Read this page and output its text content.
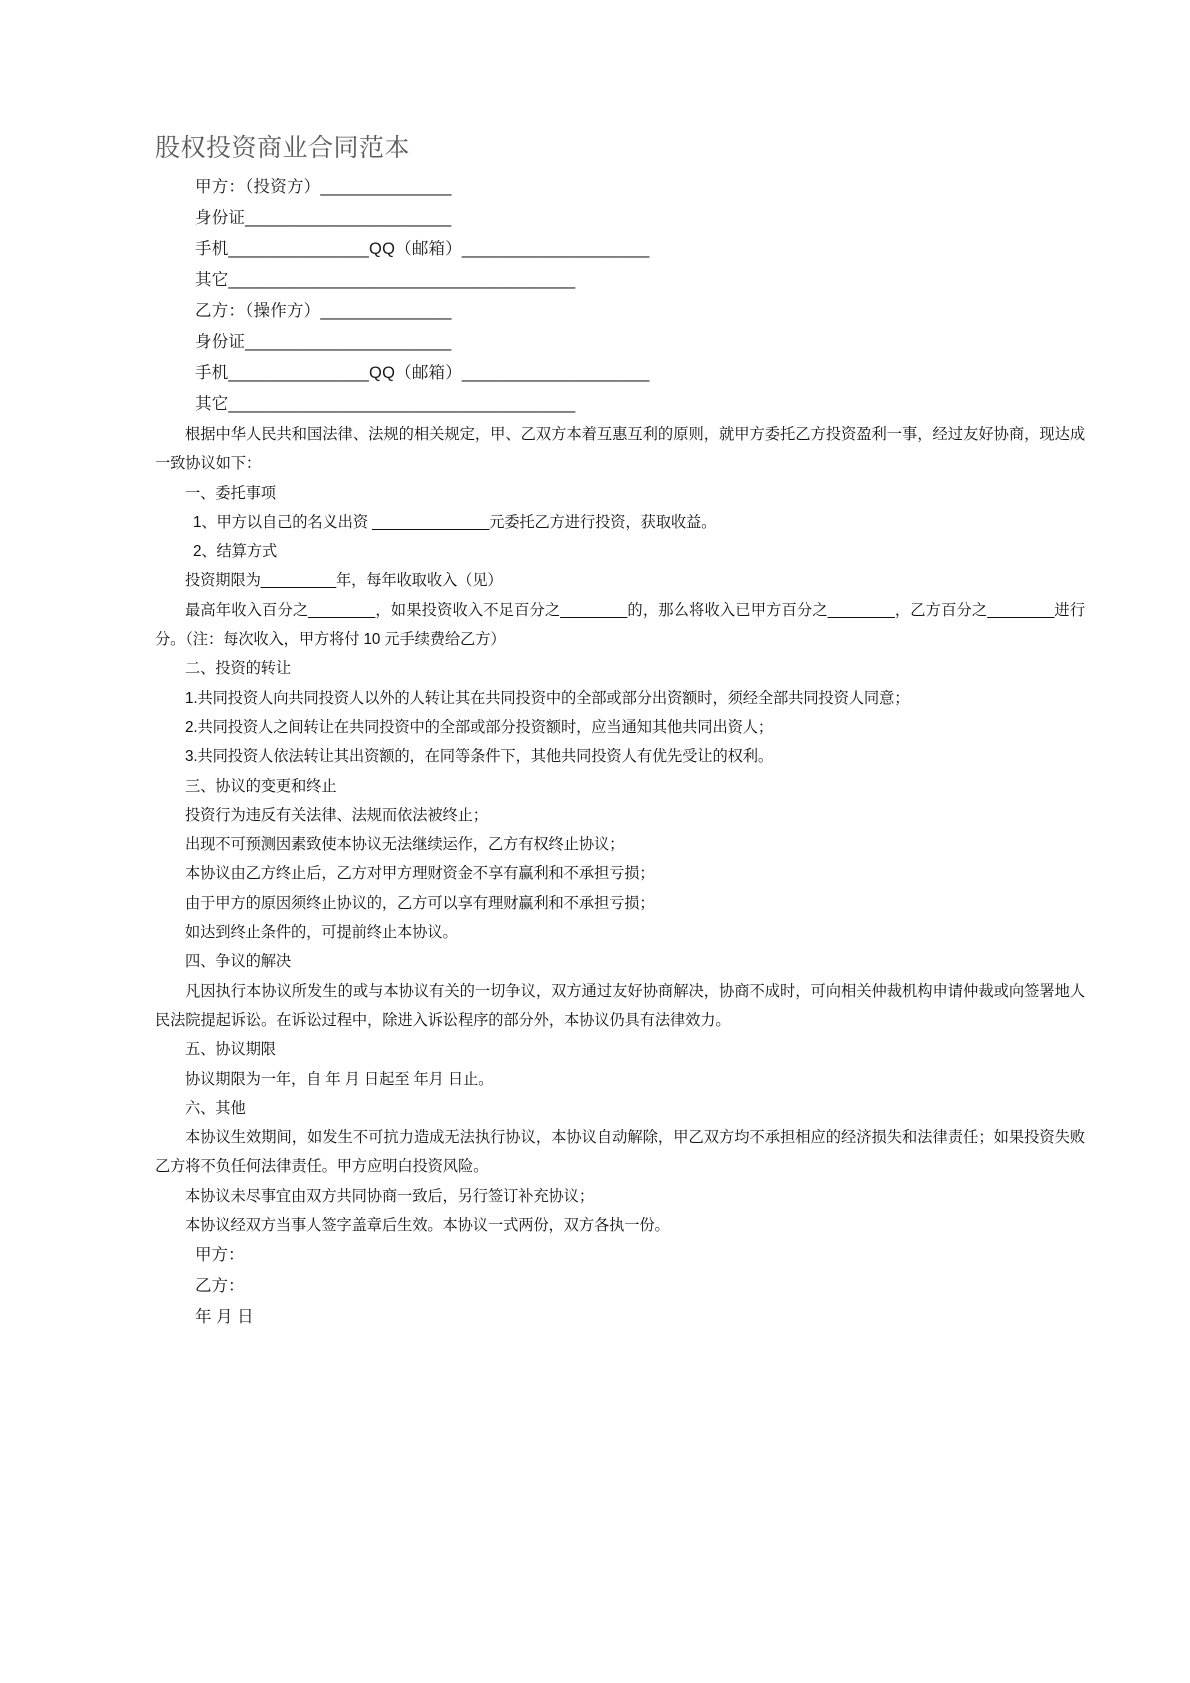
股权投资商业合同范本
甲方：（投资方）______________
身份证______________________
手机_______________QQ（邮箱）____________________
其它_____________________________________
乙方：（操作方）______________
身份证______________________
手机_______________QQ（邮箱）____________________
其它_____________________________________

根据中华人民共和国法律、法规的相关规定，甲、乙双方本着互惠互利的原则，就甲方委托乙方投资盈利一事，经过友好协商，现达成一致协议如下：

一、委托事项

1、甲方以自己的名义出资 ______________元委托乙方进行投资，获取收益。

2、结算方式

投资期限为_________年，每年收取收入（见）

最高年收入百分之________，如果投资收入不足百分之________的，那么将收入已甲方百分之________，乙方百分之________进行分。（注：每次收入，甲方将付 10 元手续费给乙方）

二、投资的转让

1.共同投资人向共同投资人以外的人转让其在共同投资中的全部或部分出资额时，须经全部共同投资人同意；

2.共同投资人之间转让在共同投资中的全部或部分投资额时，应当通知其他共同出资人；

3.共同投资人依法转让其出资额的，在同等条件下，其他共同投资人有优先受让的权利。

三、协议的变更和终止

投资行为违反有关法律、法规而依法被终止；

出现不可预测因素致使本协议无法继续运作，乙方有权终止协议；

本协议由乙方终止后，乙方对甲方理财资金不享有赢利和不承担亏损；

由于甲方的原因须终止协议的，乙方可以享有理财赢利和不承担亏损；

如达到终止条件的，可提前终止本协议。

四、争议的解决

凡因执行本协议所发生的或与本协议有关的一切争议，双方通过友好协商解决，协商不成时，可向相关仲裁机构申请仲裁或向签署地人民法院提起诉讼。在诉讼过程中，除进入诉讼程序的部分外，本协议仍具有法律效力。

五、协议期限

协议期限为一年，自 年 月 日起至 年月 日止。

六、其他

本协议生效期间，如发生不可抗力造成无法执行协议，本协议自动解除，甲乙双方均不承担相应的经济损失和法律责任；如果投资失败乙方将不负任何法律责任。甲方应明白投资风险。

本协议未尽事宜由双方共同协商一致后，另行签订补充协议；

本协议经双方当事人签字盖章后生效。本协议一式两份，双方各执一份。

甲方：
乙方：
年 月 日
